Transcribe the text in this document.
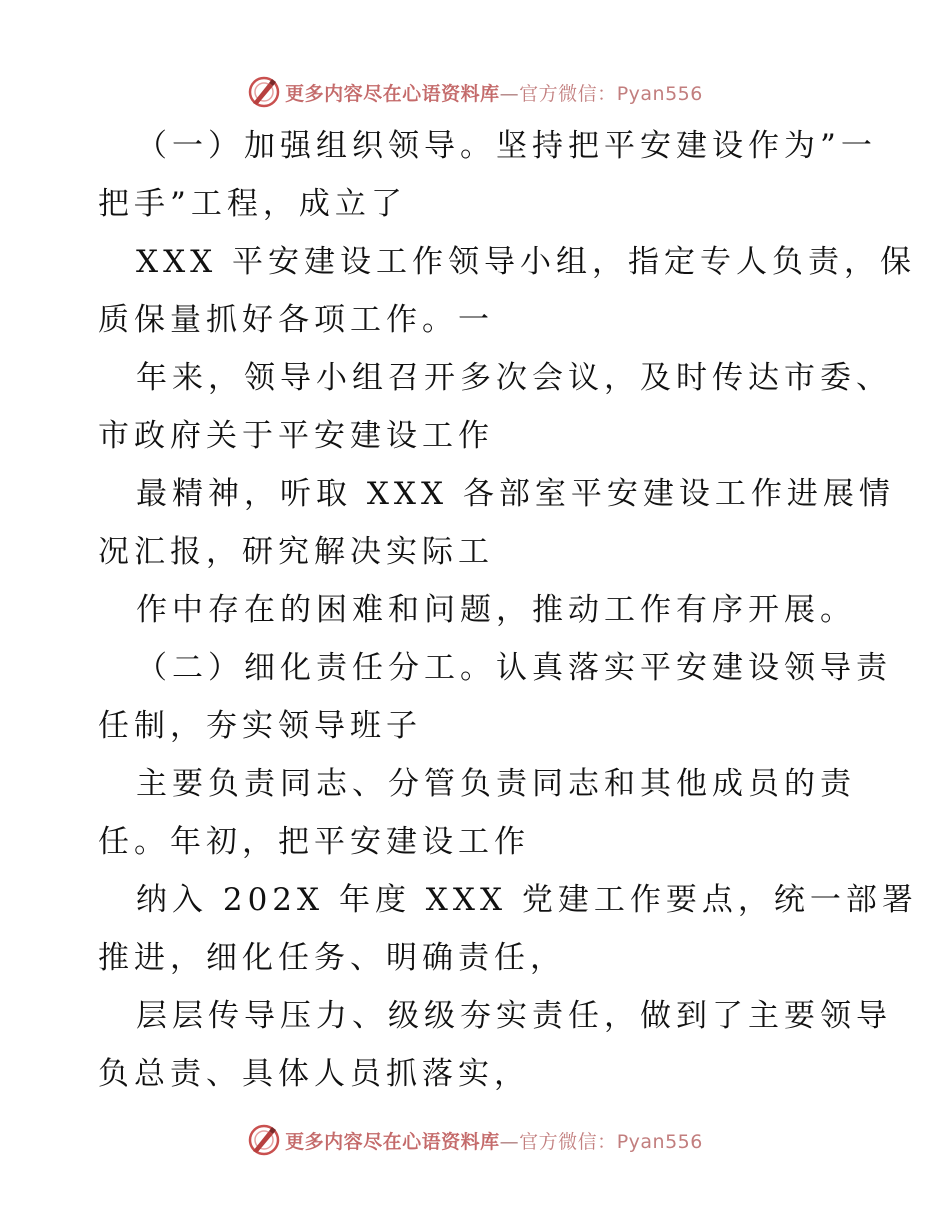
更多内容尽在心语资料库—官方微信：Pyan556
（一）加强组织领导。坚持把平安建设作为”一
把手”工程，成立了
XXX 平安建设工作领导小组，指定专人负责，保
质保量抓好各项工作。一
年来，领导小组召开多次会议，及时传达市委、
市政府关于平安建设工作
最精神，听取 XXX 各部室平安建设工作进展情
况汇报，研究解决实际工
作中存在的困难和问题，推动工作有序开展。
（二）细化责任分工。认真落实平安建设领导责
任制，夯实领导班子
主要负责同志、分管负责同志和其他成员的责
任。年初，把平安建设工作
纳入 202X 年度 XXX 党建工作要点，统一部署
推进，细化任务、明确责任，
层层传导压力、级级夯实责任，做到了主要领导
负总责、具体人员抓落实，
更多内容尽在心语资料库—官方微信：Pyan556
